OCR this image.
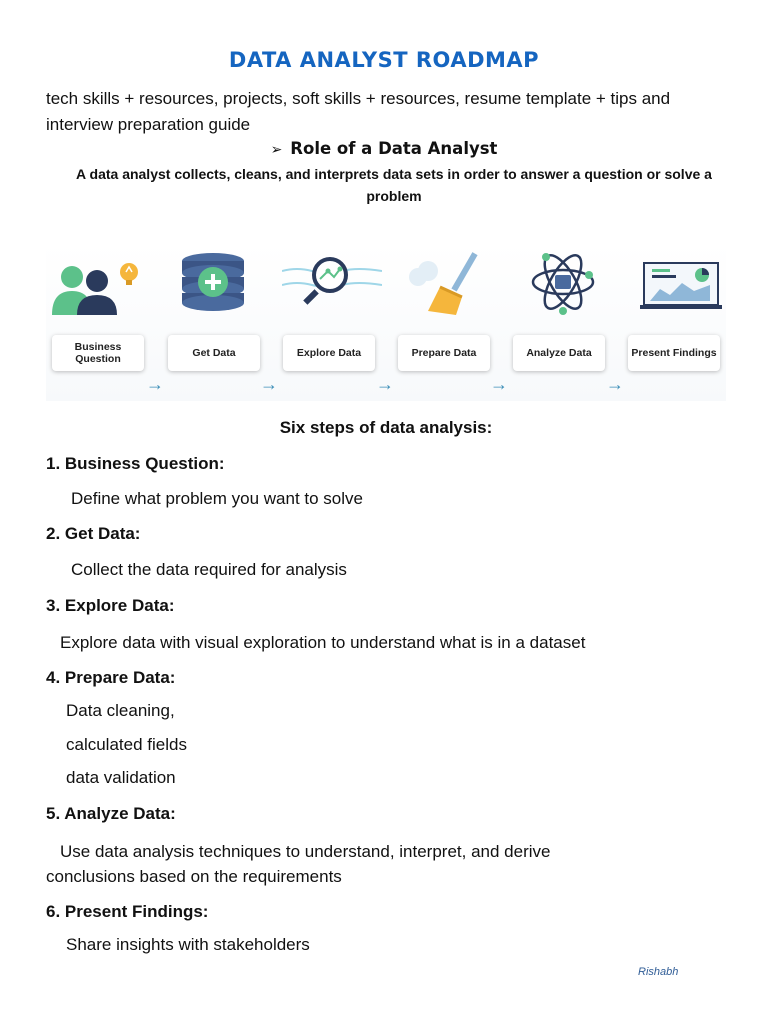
DATA ANALYST ROADMAP
tech skills + resources, projects, soft skills + resources, resume template + tips and interview preparation guide
➢ Role of a Data Analyst
A data analyst collects, cleans, and interprets data sets in order to answer a question or solve a problem
Business Question	Get Data	Explore Data	Prepare Data	Analyze Data	Present Findings
→	→	→	→	→
Six steps of data analysis:
1. Business Question:
Define what problem you want to solve
2. Get Data:
Collect the data required for analysis
3. Explore Data:
Explore data with visual exploration to understand what is in a dataset
4. Prepare Data:
Data cleaning,
calculated fields
data validation
5. Analyze Data:
Use data analysis techniques to understand, interpret, and derive
conclusions based on the requirements
6. Present Findings:
Share insights with stakeholders
Rishabh
